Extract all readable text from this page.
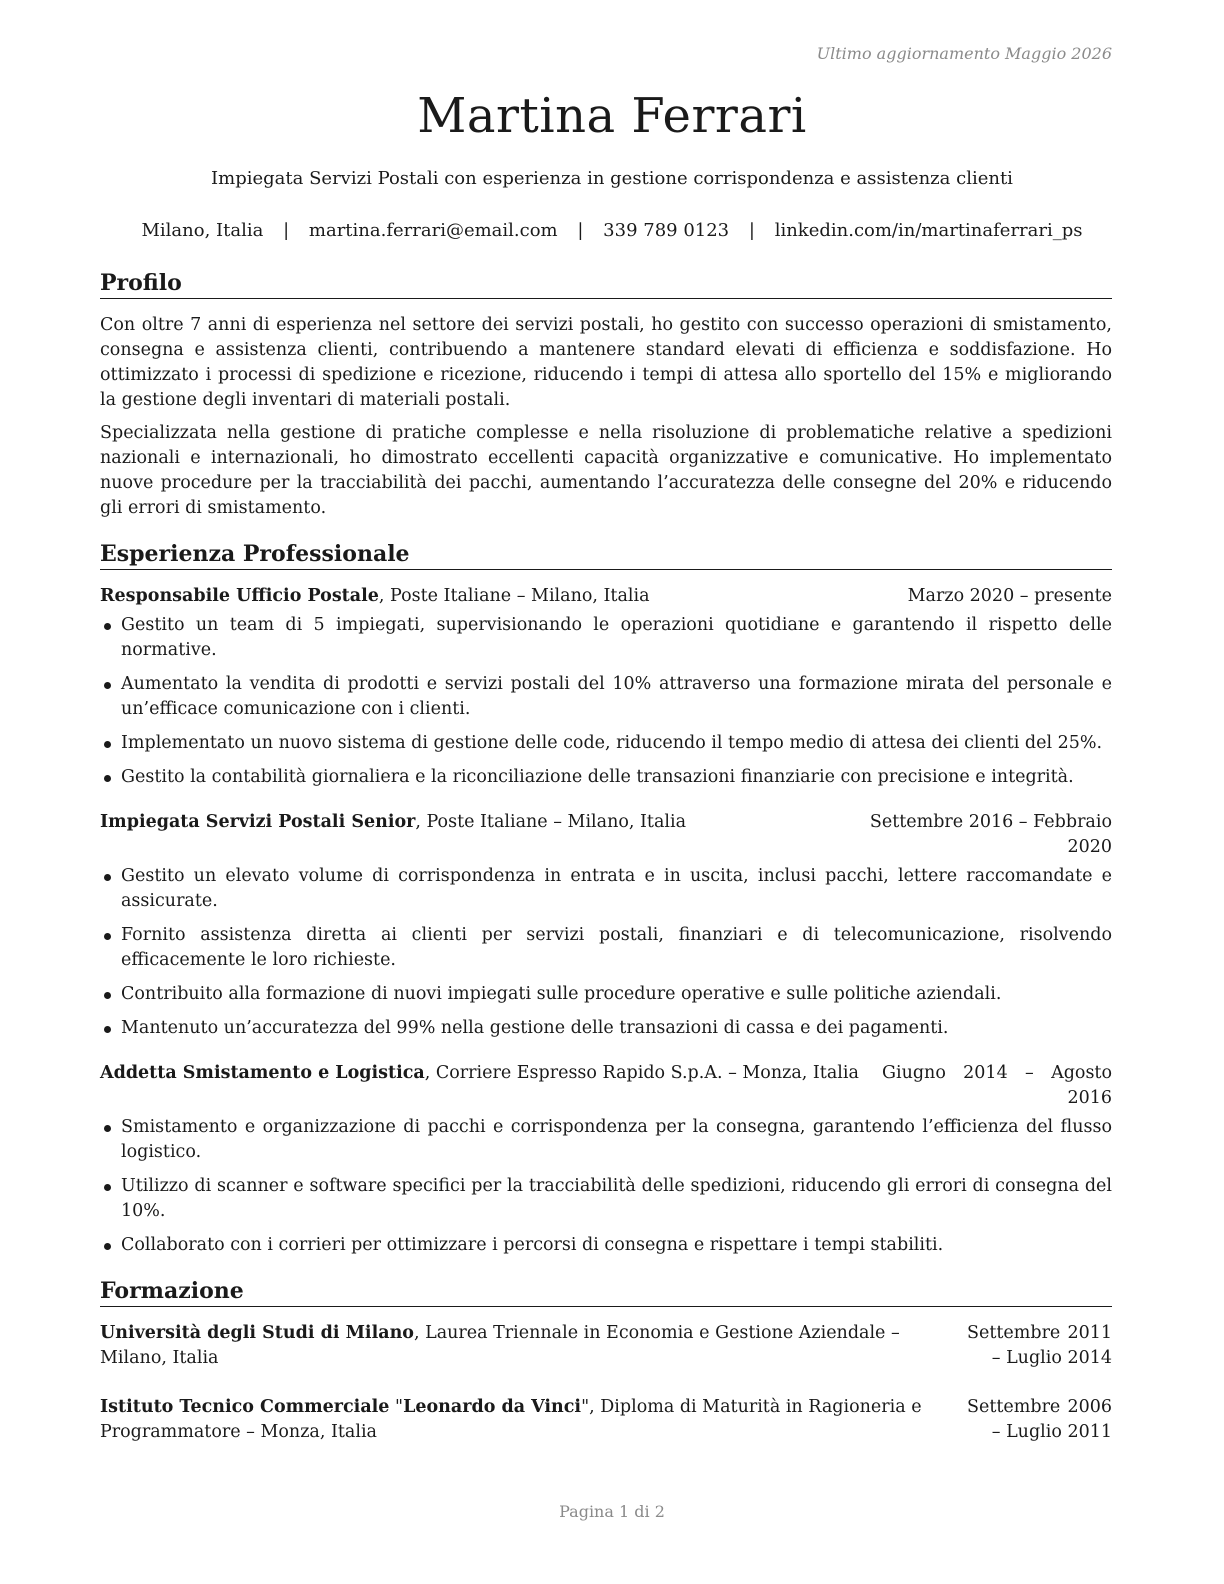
Ultimo aggiornamento Maggio 2026
Martina Ferrari
Impiegata Servizi Postali con esperienza in gestione corrispondenza e assistenza clienti
Milano, Italia | martina.ferrari@email.com | 339 789 0123 | linkedin.com/in/martinaferrari_ps
Profilo

Con oltre 7 anni di esperienza nel settore dei servizi postali, ho gestito con successo operazioni di smistamento, consegna e assistenza clienti, contribuendo a mantenere standard elevati di efficienza e soddisfazione. Ho ottimizzato i processi di spedizione e ricezione, riducendo i tempi di attesa allo sportello del 15% e migliorando la gestione degli inventari di materiali postali.

Specializzata nella gestione di pratiche complesse e nella risoluzione di problematiche relative a spedizioni nazionali e internazionali, ho dimostrato eccellenti capacità organizzative e comunicative. Ho implementato nuove procedure per la tracciabilità dei pacchi, aumentando l’accuratezza delle consegne del 20% e riducendo gli errori di smistamento.

Esperienza Professionale
Responsabile Ufficio Postale, Poste Italiane – Milano, Italia	Marzo 2020 – presente
Gestito un team di 5 impiegati, supervisionando le operazioni quotidiane e garantendo il rispetto delle normative.
Aumentato la vendita di prodotti e servizi postali del 10% attraverso una formazione mirata del personale e un’efficace comunicazione con i clienti.
Implementato un nuovo sistema di gestione delle code, riducendo il tempo medio di attesa dei clienti del 25%.
Gestito la contabilità giornaliera e la riconciliazione delle transazioni finanziarie con precisione e integrità.
Impiegata Servizi Postali Senior, Poste Italiane – Milano, Italia	Settembre 2016 – Febbraio 2020
Gestito un elevato volume di corrispondenza in entrata e in uscita, inclusi pacchi, lettere raccomandate e assicurate.
Fornito assistenza diretta ai clienti per servizi postali, finanziari e di telecomunicazione, risolvendo efficacemente le loro richieste.
Contribuito alla formazione di nuovi impiegati sulle procedure operative e sulle politiche aziendali.
Mantenuto un’accuratezza del 99% nella gestione delle transazioni di cassa e dei pagamenti.
Addetta Smistamento e Logistica, Corriere Espresso Rapido S.p.A. – Monza, Italia	Giugno 2014 – Agosto 2016
Smistamento e organizzazione di pacchi e corrispondenza per la consegna, garantendo l’efficienza del flusso logistico.
Utilizzo di scanner e software specifici per la tracciabilità delle spedizioni, riducendo gli errori di consegna del 10%.
Collaborato con i corrieri per ottimizzare i percorsi di consegna e rispettare i tempi stabiliti.
Formazione
Università degli Studi di Milano, Laurea Triennale in Economia e Gestione Aziendale – Milano, Italia
Settembre 2011 – Luglio 2014
Istituto Tecnico Commerciale "Leonardo da Vinci", Diploma di Maturità in Ragioneria e Programmatore – Monza, Italia
Settembre 2006 – Luglio 2011
Pagina 1 di 2
